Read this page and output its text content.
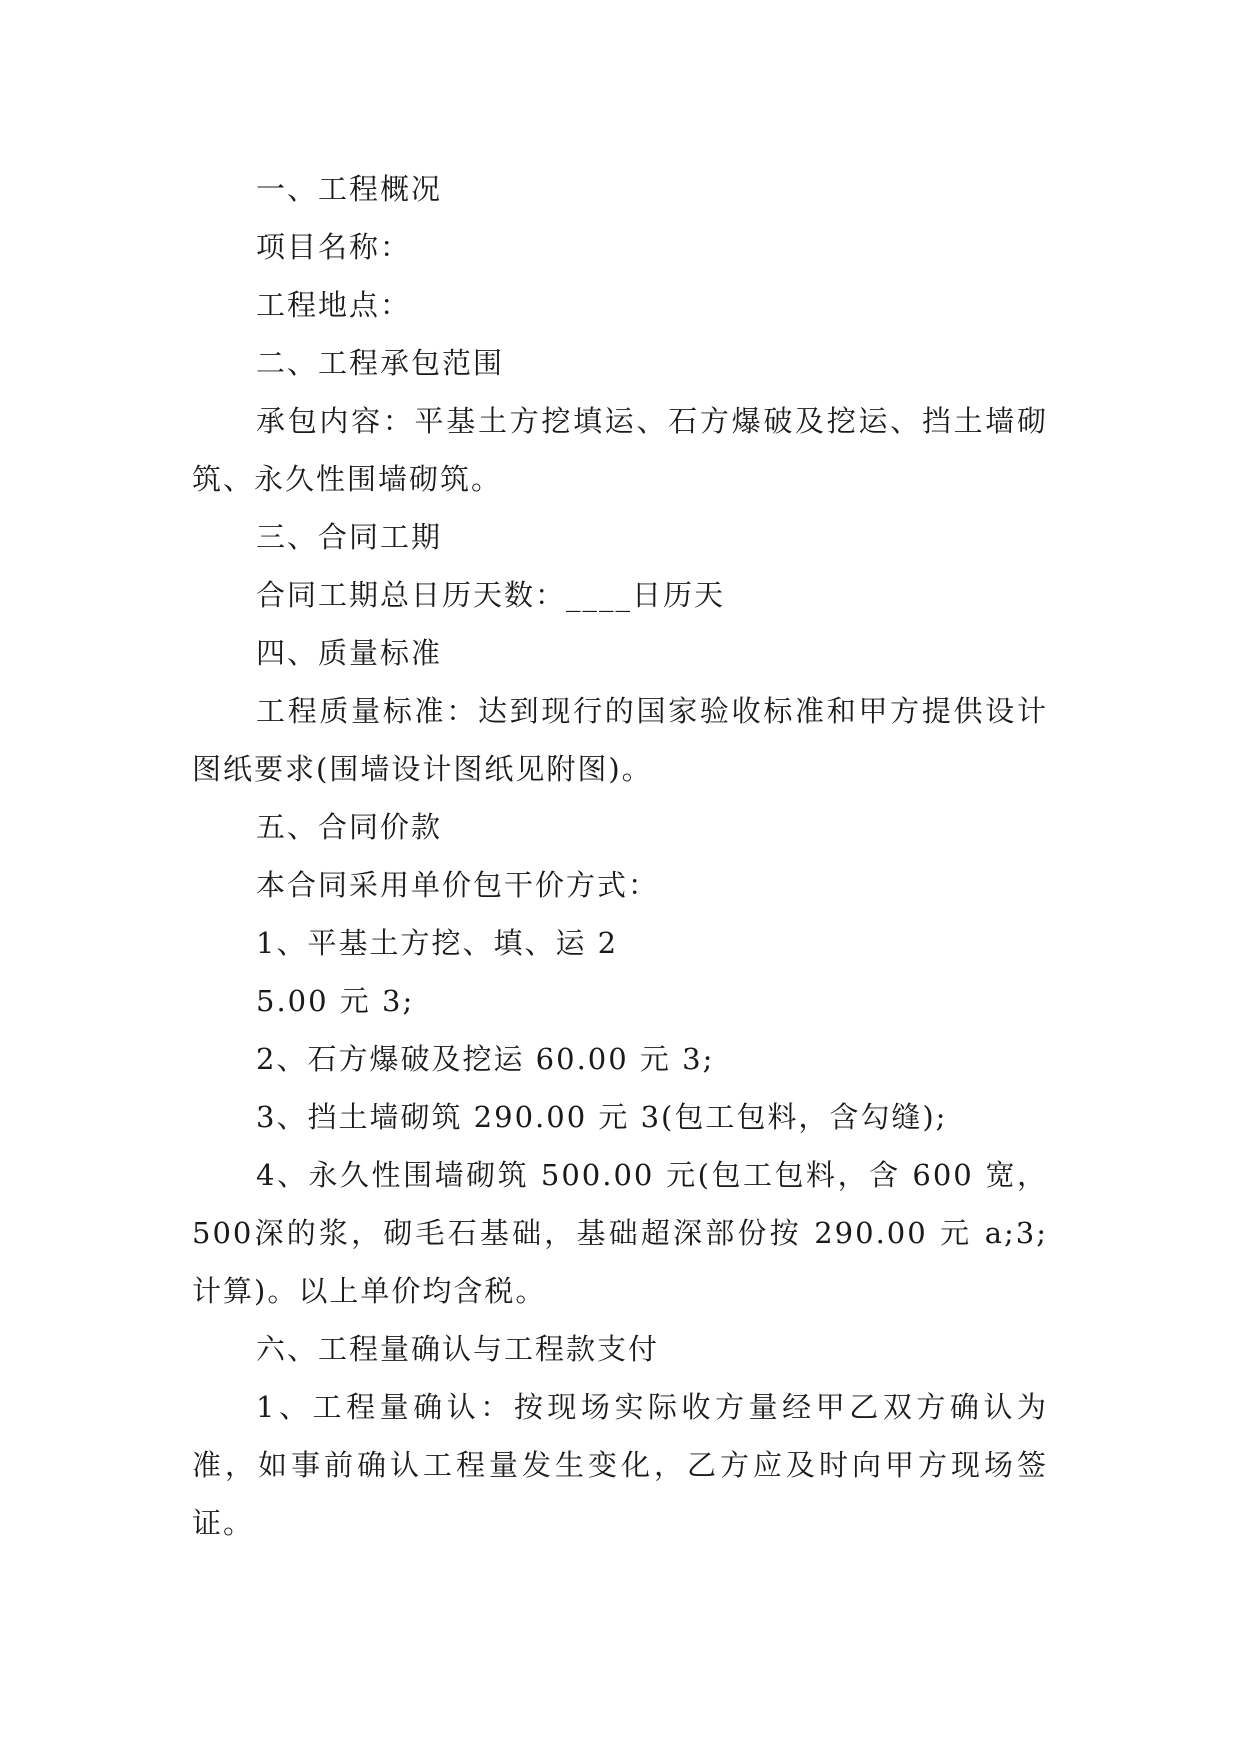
一、工程概况

项目名称：

工程地点：

二、工程承包范围

承包内容：平基土方挖填运、石方爆破及挖运、挡土墙砌筑、永久性围墙砌筑。

三、合同工期

合同工期总日历天数：____日历天

四、质量标准

工程质量标准：达到现行的国家验收标准和甲方提供设计图纸要求(围墙设计图纸见附图)。

五、合同价款

本合同采用单价包干价方式：

1、平基土方挖、填、运 2

5.00 元 3;

2、石方爆破及挖运 60.00 元 3;

3、挡土墙砌筑 290.00 元 3(包工包料，含勾缝);

4、永久性围墙砌筑 500.00 元(包工包料，含 600 宽，500深的浆，砌毛石基础，基础超深部份按 290.00 元 a;3;计算)。以上单价均含税。

六、工程量确认与工程款支付

1、工程量确认：按现场实际收方量经甲乙双方确认为准，如事前确认工程量发生变化，乙方应及时向甲方现场签证。
